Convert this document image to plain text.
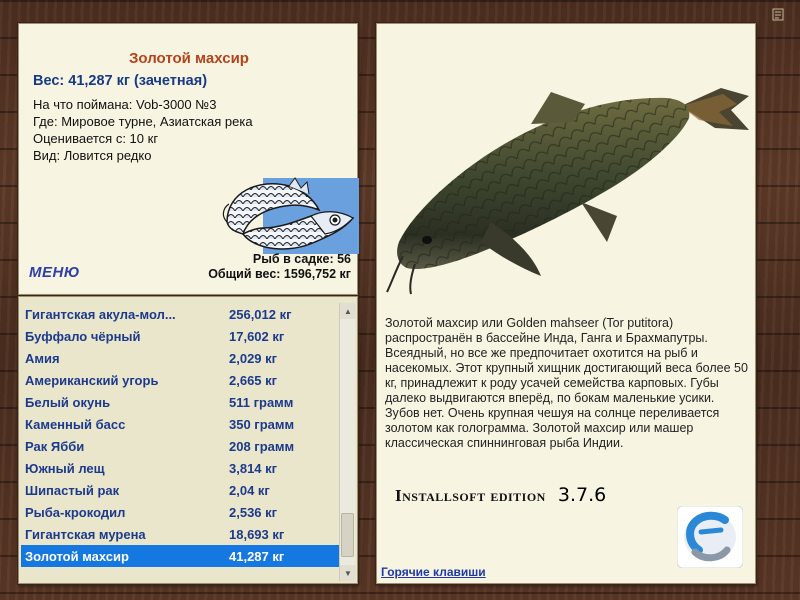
Золотой махсир
Вес: 41,287 кг (зачетная)
На что поймана: Vob-3000 №3
Где: Мировое турне, Азиатская река
Оценивается с: 10 кг
Вид: Ловится редко
МЕНЮ
Рыб в садке: 56
Общий вес: 1596,752 кг
Гигантская акула-мол...	256,012 кг
Буффало чёрный	17,602 кг
Амия	2,029 кг
Американский угорь	2,665 кг
Белый окунь	511 грамм
Каменный басс	350 грамм
Рак Ябби	208 грамм
Южный лещ	3,814 кг
Шипастый рак	2,04 кг
Рыба-крокодил	2,536 кг
Гигантская мурена	18,693 кг
Золотой махсир	41,287 кг
▲
▼
Золотой махсир или Golden mahseer (Tor putitora) распространён в бассейне Инда, Ганга и Брахмапутры. Всеядный, но все же предпочитает охотится на рыб и насекомых. Этот крупный хищник достигающий веса более 50 кг, принадлежит к роду усачей семейства карповых. Губы далеко выдвигаются вперёд, по бокам маленькие усики. Зубов нет. Очень крупная чешуя на солнце переливается золотом как голограмма. Золотой махсир или машер классическая спиннинговая рыба Индии.
Installsoft edition 3.7.6
Горячие клавиши
